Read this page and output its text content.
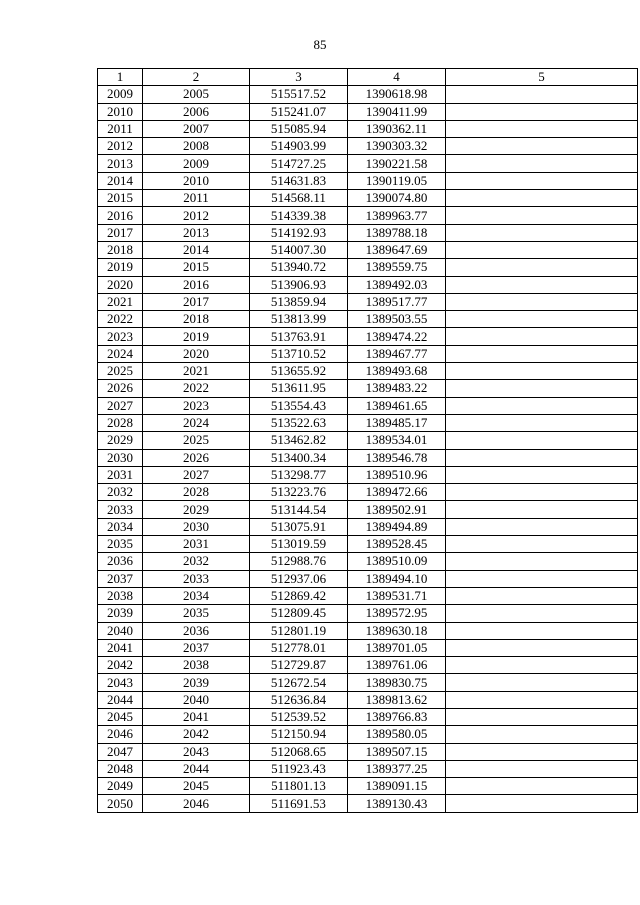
85
1	2	3	4	5
2009	2005	515517.52	1390618.98	
2010	2006	515241.07	1390411.99	
2011	2007	515085.94	1390362.11	
2012	2008	514903.99	1390303.32	
2013	2009	514727.25	1390221.58	
2014	2010	514631.83	1390119.05	
2015	2011	514568.11	1390074.80	
2016	2012	514339.38	1389963.77	
2017	2013	514192.93	1389788.18	
2018	2014	514007.30	1389647.69	
2019	2015	513940.72	1389559.75	
2020	2016	513906.93	1389492.03	
2021	2017	513859.94	1389517.77	
2022	2018	513813.99	1389503.55	
2023	2019	513763.91	1389474.22	
2024	2020	513710.52	1389467.77	
2025	2021	513655.92	1389493.68	
2026	2022	513611.95	1389483.22	
2027	2023	513554.43	1389461.65	
2028	2024	513522.63	1389485.17	
2029	2025	513462.82	1389534.01	
2030	2026	513400.34	1389546.78	
2031	2027	513298.77	1389510.96	
2032	2028	513223.76	1389472.66	
2033	2029	513144.54	1389502.91	
2034	2030	513075.91	1389494.89	
2035	2031	513019.59	1389528.45	
2036	2032	512988.76	1389510.09	
2037	2033	512937.06	1389494.10	
2038	2034	512869.42	1389531.71	
2039	2035	512809.45	1389572.95	
2040	2036	512801.19	1389630.18	
2041	2037	512778.01	1389701.05	
2042	2038	512729.87	1389761.06	
2043	2039	512672.54	1389830.75	
2044	2040	512636.84	1389813.62	
2045	2041	512539.52	1389766.83	
2046	2042	512150.94	1389580.05	
2047	2043	512068.65	1389507.15	
2048	2044	511923.43	1389377.25	
2049	2045	511801.13	1389091.15	
2050	2046	511691.53	1389130.43	
